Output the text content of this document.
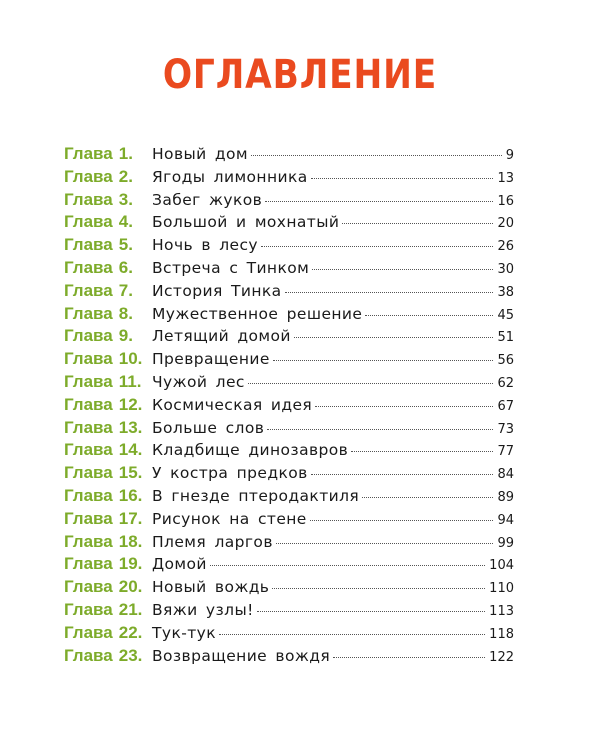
ОГЛАВЛЕНИЕ
Глава 1.	Новый дом	9
Глава 2.	Ягоды лимонника	13
Глава 3.	Забег жуков	16
Глава 4.	Большой и мохнатый	20
Глава 5.	Ночь в лесу	26
Глава 6.	Встреча с Тинком	30
Глава 7.	История Тинка	38
Глава 8.	Мужественное решение	45
Глава 9.	Летящий домой	51
Глава 10. Превращение	56
Глава 11. Чужой лес	62
Глава 12. Космическая идея	67
Глава 13. Больше слов	73
Глава 14. Кладбище динозавров	77
Глава 15. У костра предков	84
Глава 16. В гнезде птеродактиля	89
Глава 17. Рисунок на стене	94
Глава 18. Племя ларгов	99
Глава 19. Домой	104
Глава 20. Новый вождь	110
Глава 21. Вяжи узлы!	113
Глава 22. Тук-тук	118
Глава 23. Возвращение вождя	122
